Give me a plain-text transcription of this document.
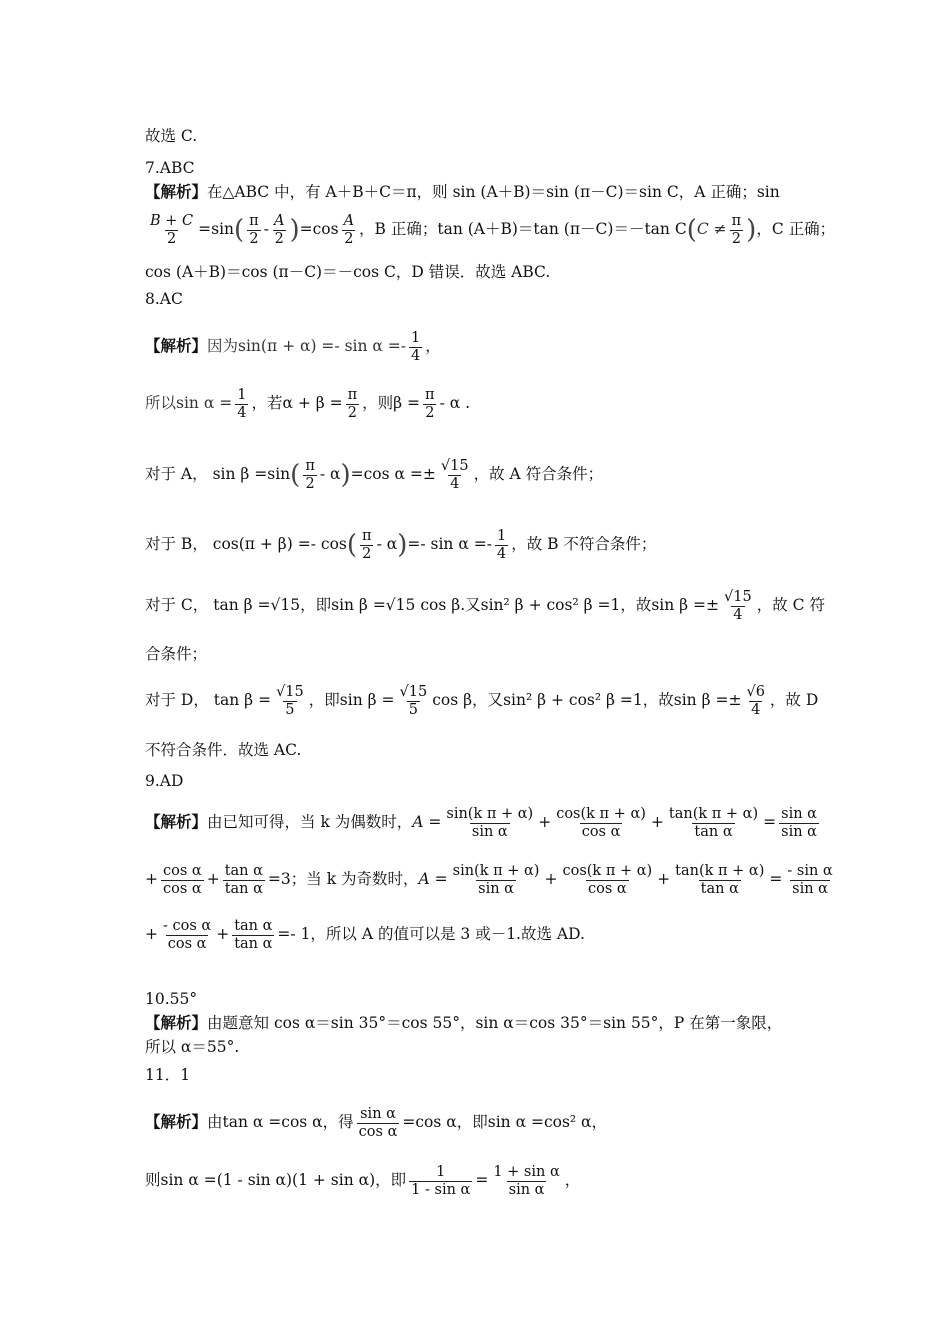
故选 C.
7.ABC
【解析】在△ABC 中，有 A＋B＋C＝π，则 sin (A＋B)＝sin (π－C)＝sin C，A 正确；sin
$\frac{B + C}{2} =\sin( \frac{\pi}{2} - \frac{A}{2} )=\cos \frac{A}{2}$ ，B 正确；tan (A＋B)＝tan (π－C)＝－tan $C(C \ne \frac{\pi}{2}$ )，C 正确；
cos (A＋B)＝cos (π－C)＝－cos C，D 错误．故选 ABC.
8.AC
【解析】因为$\sin(\pi + \alpha) =- \sin \alpha =- \frac{1}{4}$ ，
所以$\sin \alpha = \frac{1}{4}$ ，若$\alpha + \beta = \frac{\pi}{2}$ ，则$\beta = \frac{\pi}{2} - \alpha$ .
对于 A， $\sin \beta =\sin( \frac{\pi}{2} - \alpha)=\cos$ $\alpha =\pm \frac{√15}{4}$ ，故 A 符合条件；
对于 B， $\cos(\pi + \beta) =- \cos( \frac{\pi}{2} - \alpha)=-$ $\sin \alpha =- \frac{1}{4}$ ，故 B 不符合条件；
对于 C， tan β =√15，即sin β =√15 cos β.又sin² β + cos² β =1，故$\sin \beta =\pm \frac{√15}{4}$ ，故 C 符
合条件；
对于 D， $\tan \beta = \frac{√15}{5}$ ，即$\sin \beta = \frac{√15}{5}$ cos β，又sin² β + cos² β =1，故$\sin \beta =\pm \frac{√6}{4}$ ，故 D
不符合条件．故选 AC.
9.AD
【解析】由已知可得，当 k 为偶数时，$A = \frac{\text{sin(k π + α)}}{\text{sin α}} + \frac{\text{cos(k π + α)}}{\text{cos α}} + \frac{\text{tan(k π + α)}}{\text{tan α}} = \frac{\text{sin α}}{\text{sin α}}$
+ $\frac{\text{cos α}}{\text{cos α}} + \frac{\text{tan α}}{\text{tan α}} =3$；当 k 为奇数时，$A = \frac{\text{sin(k π + α)}}{\text{sin α}} + \frac{\text{cos(k π + α)}}{\text{cos α}} + \frac{\text{tan(k π + α)}}{\text{tan α}} = \frac{\text{- sin α}}{\text{sin α}}$
+ $\frac{\text{- cos α}}{\text{cos α}} + \frac{\text{tan α}}{\text{tan α}} =- 1$，所以 A 的值可以是 3 或－1.故选 AD.
10.55°
【解析】由题意知 cos α＝sin 35°＝cos 55°，sin α＝cos 35°＝sin 55°，P 在第一象限，
所以 α＝55°.
11．1
【解析】由tan α =cos α，得 $\frac{\text{sin α}}{\text{cos α}} =\cos$ α，即sin α =cos² α，
则sin α =(1 - sin α)(1 + sin α)，即 $\frac{1}{\text{1 - sin α}} = \frac{\text{1 + sin α}}{\text{sin α}}$ ，
